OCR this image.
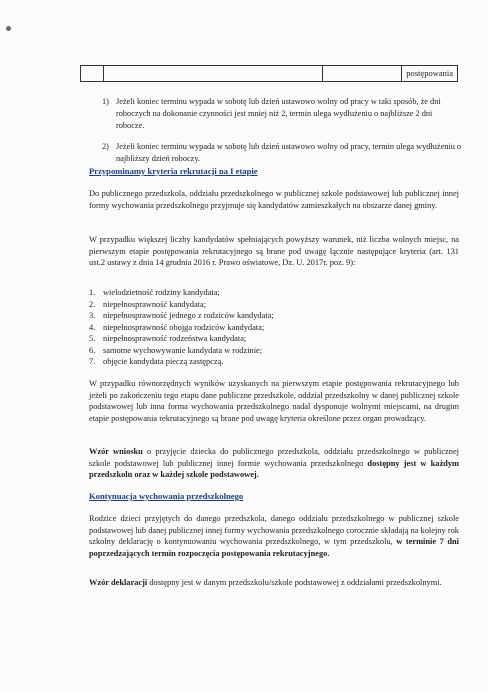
			postępowania
1) Jeżeli koniec terminu wypada w sobotę lub dzień ustawowo wolny od pracy w taki sposób, że dni roboczych na dokonanie czynności jest mniej niż 2, termin ulega wydłużeniu o najbliższe 2 dni robocze.
2) Jeżeli koniec terminu wypada w sobotę lub dzień ustawowo wolny od pracy, termin ulega wydłużeniu o najbliższy dzień roboczy.
Przypominamy kryteria rekrutacji na I etapie
Do publicznego przedszkola, oddziału przedszkolnego w publicznej szkole podstawowej lub publicznej innej formy wychowania przedszkolnego przyjmuje się kandydatów zamieszkałych na obszarze danej gminy.
W przypadku większej liczby kandydatów spełniających powyższy warunek, niż liczba wolnych miejsc, na pierwszym etapie postępowania rekrutacyjnego są brane pod uwagę łącznie następujące kryteria (art. 131 ust.2 ustawy z dnia 14 grudnia 2016 r. Prawo oświatowe, Dz. U. 2017r. poz. 9):
1. wielodzietność rodziny kandydata;
2. niepełnosprawność kandydata;
3. niepełnosprawność jednego z rodziców kandydata;
4. niepełnosprawność obojga rodziców kandydata;
5. niepełnosprawność rodzeństwa kandydata;
6. samotne wychowywanie kandydata w rodzinie;
7. objęcie kandydata pieczą zastępczą.
W przypadku równorzędnych wyników uzyskanych na pierwszym etapie postępowania rekrutacyjnego lub jeżeli po zakończeniu tego etapu dane publiczne przedszkole, oddział przedszkolny w danej publicznej szkole podstawowej lub inna forma wychowania przedszkolnego nadal dysponuje wolnymi miejscami, na drugim etapie postępowania rekrutacyjnego są brane pod uwagę kryteria określone przez organ prowadzący.
Wzór wniosku o przyjęcie dziecka do publicznego przedszkola, oddziału przedszkolnego w publicznej szkole podstawowej lub publicznej innej formie wychowania przedszkolnego dostępny jest w każdym przedszkolu oraz w każdej szkole podstawowej.
Kontynuacja wychowania przedszkolnego
Rodzice dzieci przyjętych do danego przedszkola, danego oddziału przedszkolnego w publicznej szkole podstawowej lub danej publicznej innej formy wychowania przedszkolnego corocznie składają na kolejny rok szkolny deklarację o kontynuowaniu wychowania przedszkolnego, w tym przedszkolu, w terminie 7 dni poprzedzających termin rozpoczęcia postępowania rekrutacyjnego.
Wzór deklaracji dostępny jest w danym przedszkolu/szkole podstawowej z oddziałami przedszkolnymi.
